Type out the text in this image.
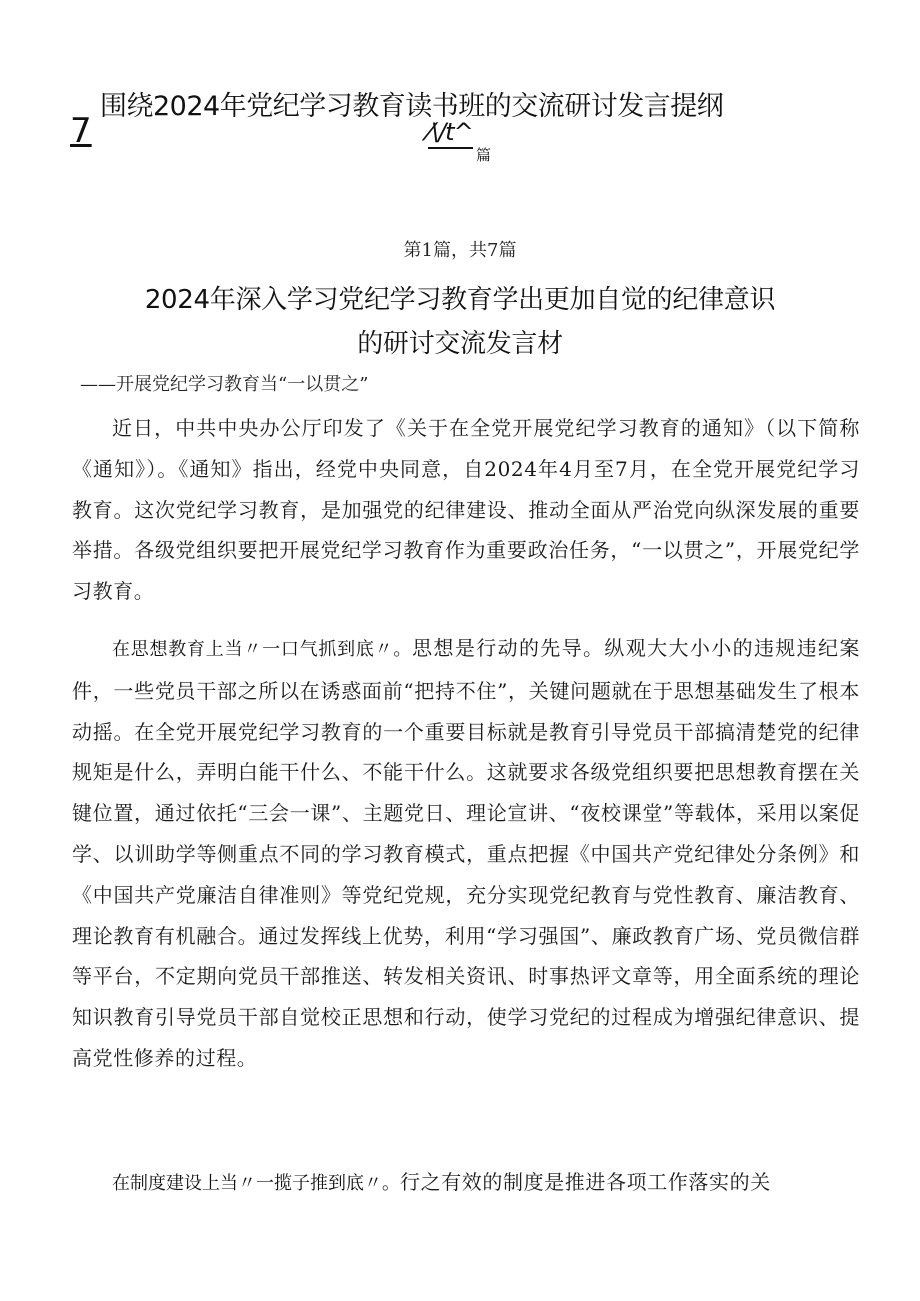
围绕2024年党纪学习教育读书班的交流研讨发言提纲
7	⁄\/t^
篇
第1篇，共7篇
2024年深入学习党纪学习教育学出更加自觉的纪律意识
的研讨交流发言材
——开展党纪学习教育当“一以贯之”
近日，中共中央办公厅印发了《关于在全党开展党纪学习教育的通知》（以下简称《通知》）。《通知》指出，经党中央同意，自2024年4月至7月，在全党开展党纪学习教育。这次党纪学习教育，是加强党的纪律建设、推动全面从严治党向纵深发展的重要举措。各级党组织要把开展党纪学习教育作为重要政治任务，“一以贯之”，开展党纪学习教育。
在思想教育上当〃一口气抓到底〃。思想是行动的先导。纵观大大小小的违规违纪案件，一些党员干部之所以在诱惑面前“把持不住”，关键问题就在于思想基础发生了根本动摇。在全党开展党纪学习教育的一个重要目标就是教育引导党员干部搞清楚党的纪律规矩是什么，弄明白能干什么、不能干什么。这就要求各级党组织要把思想教育摆在关键位置，通过依托“三会一课”、主题党日、理论宣讲、“夜校课堂”等载体，采用以案促学、以训助学等侧重点不同的学习教育模式，重点把握《中国共产党纪律处分条例》和《中国共产党廉洁自律准则》等党纪党规，充分实现党纪教育与党性教育、廉洁教育、理论教育有机融合。通过发挥线上优势，利用“学习强国”、廉政教育广场、党员微信群等平台，不定期向党员干部推送、转发相关资讯、时事热评文章等，用全面系统的理论知识教育引导党员干部自觉校正思想和行动，使学习党纪的过程成为增强纪律意识、提高党性修养的过程。
在制度建设上当〃一揽子推到底〃。行之有效的制度是推进各项工作落实的关
